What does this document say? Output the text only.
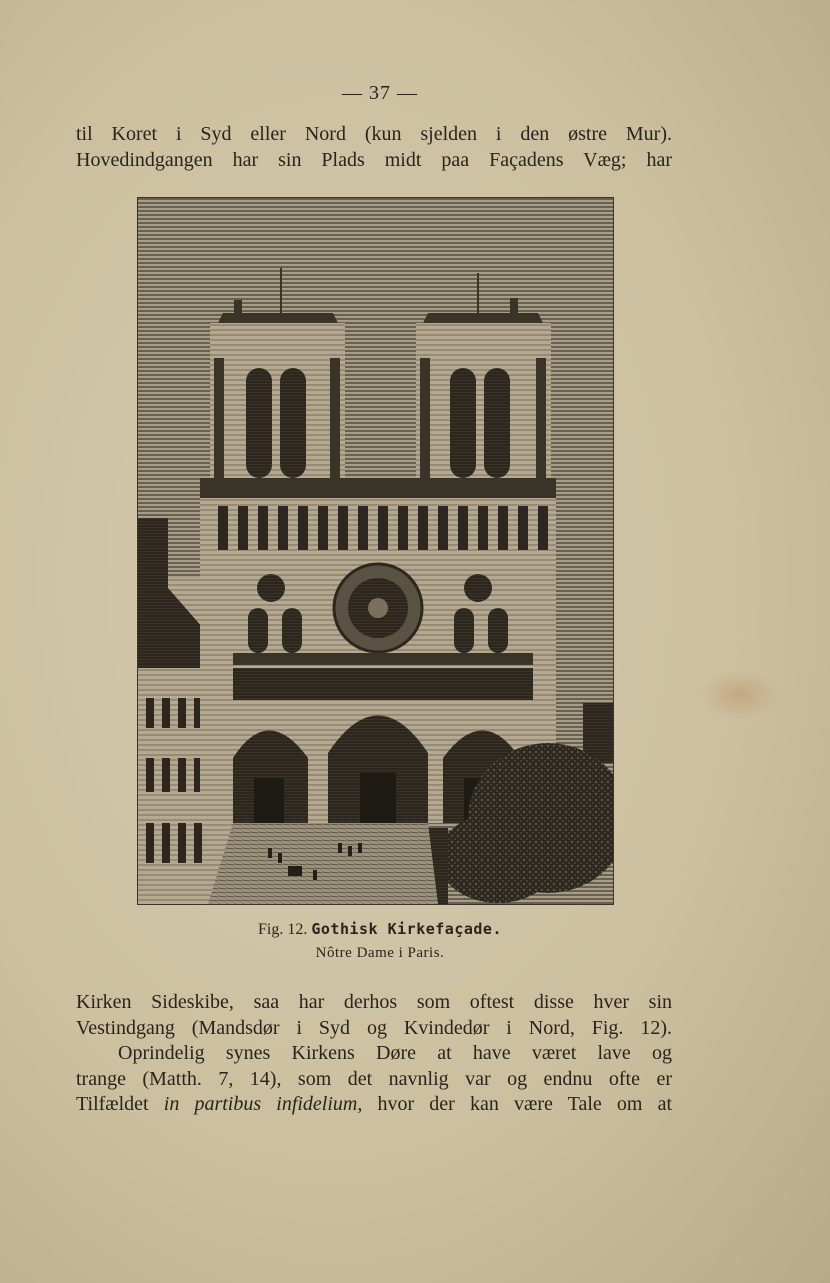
— 37 —

til Koret i Syd eller Nord (kun sjelden i den østre Mur).
Hovedindgangen har sin Plads midt paa Façadens Væg; har

Fig. 12. Gothisk Kirkefaçade.
Nôtre Dame i Paris.

Kirken Sideskibe, saa har derhos som oftest disse hver sin
Vestindgang (Mandsdør i Syd og Kvindedør i Nord, Fig. 12).
Oprindelig synes Kirkens Døre at have været lave og
trange (Matth. 7, 14), som det navnlig var og endnu ofte er
Tilfældet in partibus infidelium, hvor der kan være Tale om at
